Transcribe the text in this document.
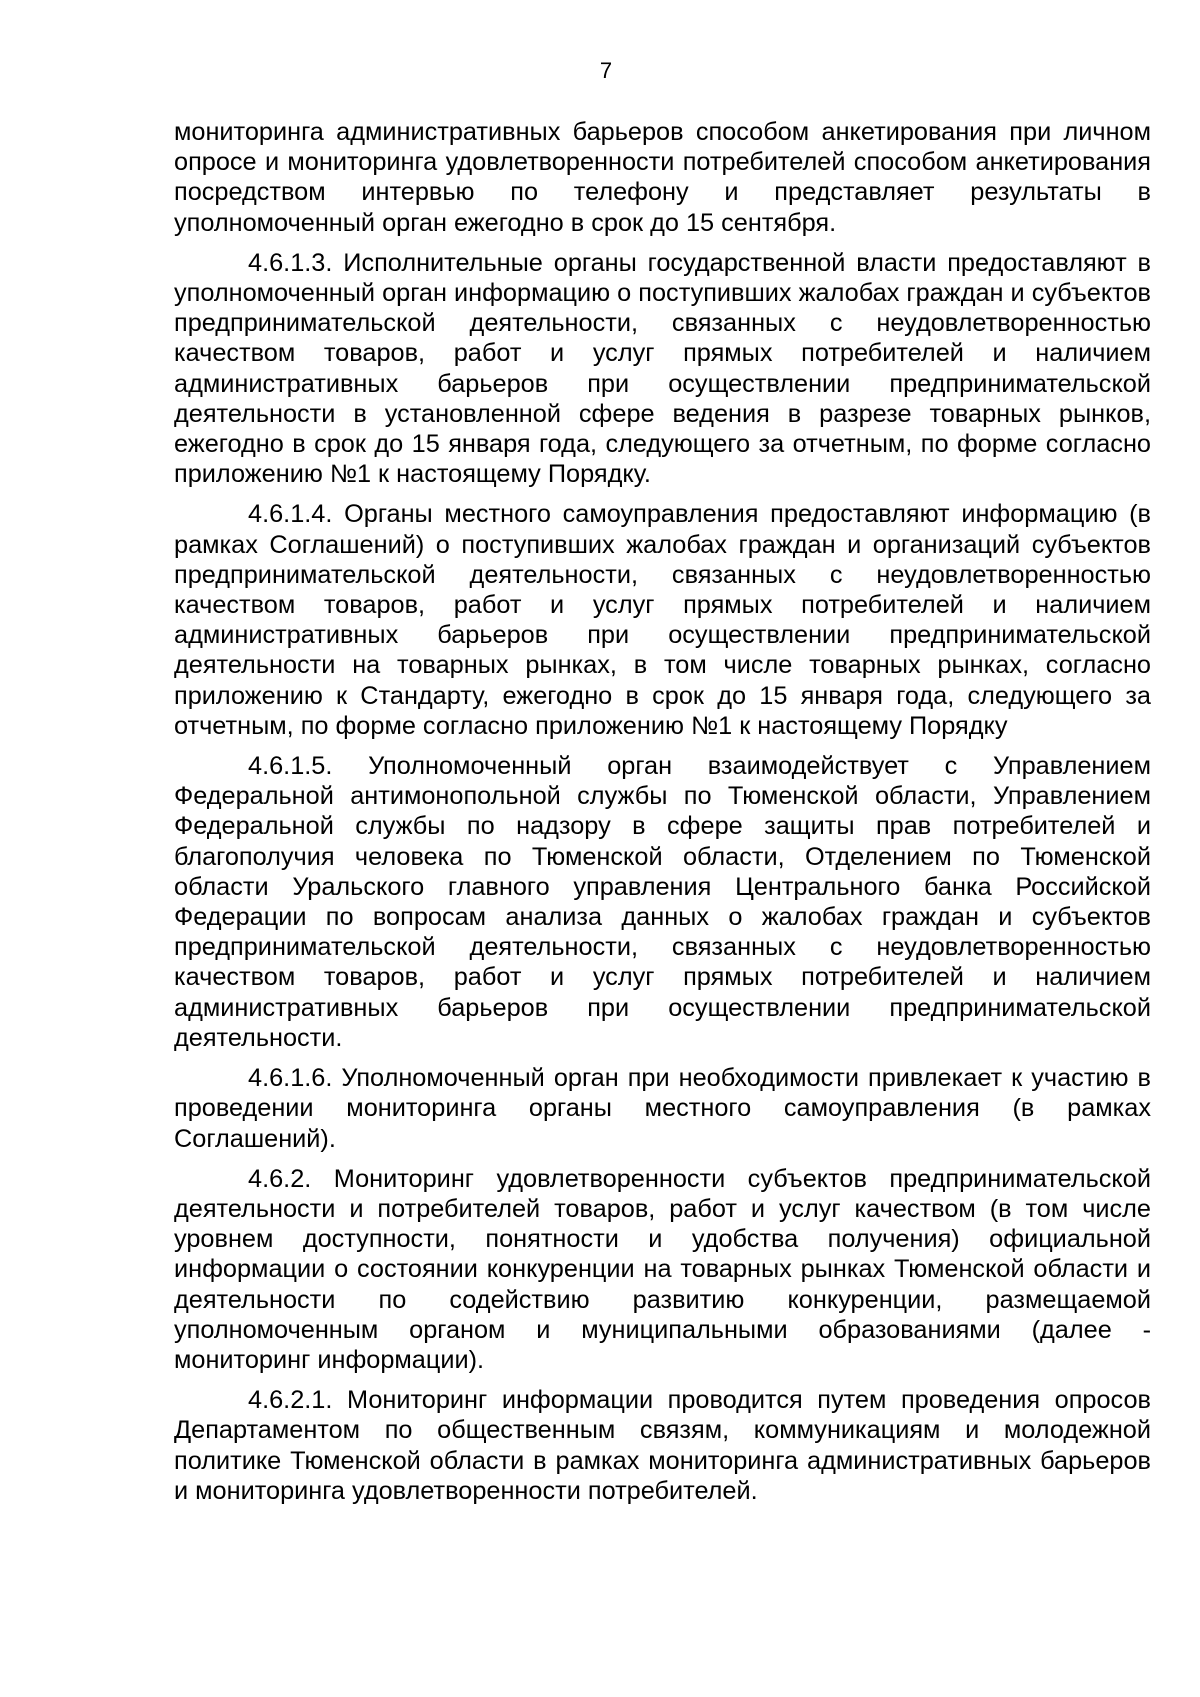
7

мониторинга административных барьеров способом анкетирования при личном опросе и мониторинга удовлетворенности потребителей способом анкетирования посредством интервью по телефону и представляет результаты в уполномоченный орган ежегодно в срок до 15 сентября.

4.6.1.3. Исполнительные органы государственной власти предоставляют в уполномоченный орган информацию о поступивших жалобах граждан и субъектов предпринимательской деятельности, связанных с неудовлетворенностью качеством товаров, работ и услуг прямых потребителей и наличием административных барьеров при осуществлении предпринимательской деятельности в установленной сфере ведения в разрезе товарных рынков, ежегодно в срок до 15 января года, следующего за отчетным, по форме согласно приложению №1 к настоящему Порядку.

4.6.1.4. Органы местного самоуправления предоставляют информацию (в рамках Соглашений) о поступивших жалобах граждан и организаций субъектов предпринимательской деятельности, связанных с неудовлетворенностью качеством товаров, работ и услуг прямых потребителей и наличием административных барьеров при осуществлении предпринимательской деятельности на товарных рынках, в том числе товарных рынках, согласно приложению к Стандарту, ежегодно в срок до 15 января года, следующего за отчетным, по форме согласно приложению №1 к настоящему Порядку

4.6.1.5. Уполномоченный орган взаимодействует с Управлением Федеральной антимонопольной службы по Тюменской области, Управлением Федеральной службы по надзору в сфере защиты прав потребителей и благополучия человека по Тюменской области, Отделением по Тюменской области Уральского главного управления Центрального банка Российской Федерации по вопросам анализа данных о жалобах граждан и субъектов предпринимательской деятельности, связанных с неудовлетворенностью качеством товаров, работ и услуг прямых потребителей и наличием административных барьеров при осуществлении предпринимательской деятельности.

4.6.1.6. Уполномоченный орган при необходимости привлекает к участию в проведении мониторинга органы местного самоуправления (в рамках Соглашений).

4.6.2. Мониторинг удовлетворенности субъектов предпринимательской деятельности и потребителей товаров, работ и услуг качеством (в том числе уровнем доступности, понятности и удобства получения) официальной информации о состоянии конкуренции на товарных рынках Тюменской области и деятельности по содействию развитию конкуренции, размещаемой уполномоченным органом и муниципальными образованиями (далее - мониторинг информации).

4.6.2.1. Мониторинг информации проводится путем проведения опросов Департаментом по общественным связям, коммуникациям и молодежной политике Тюменской области в рамках мониторинга административных барьеров и мониторинга удовлетворенности потребителей.
